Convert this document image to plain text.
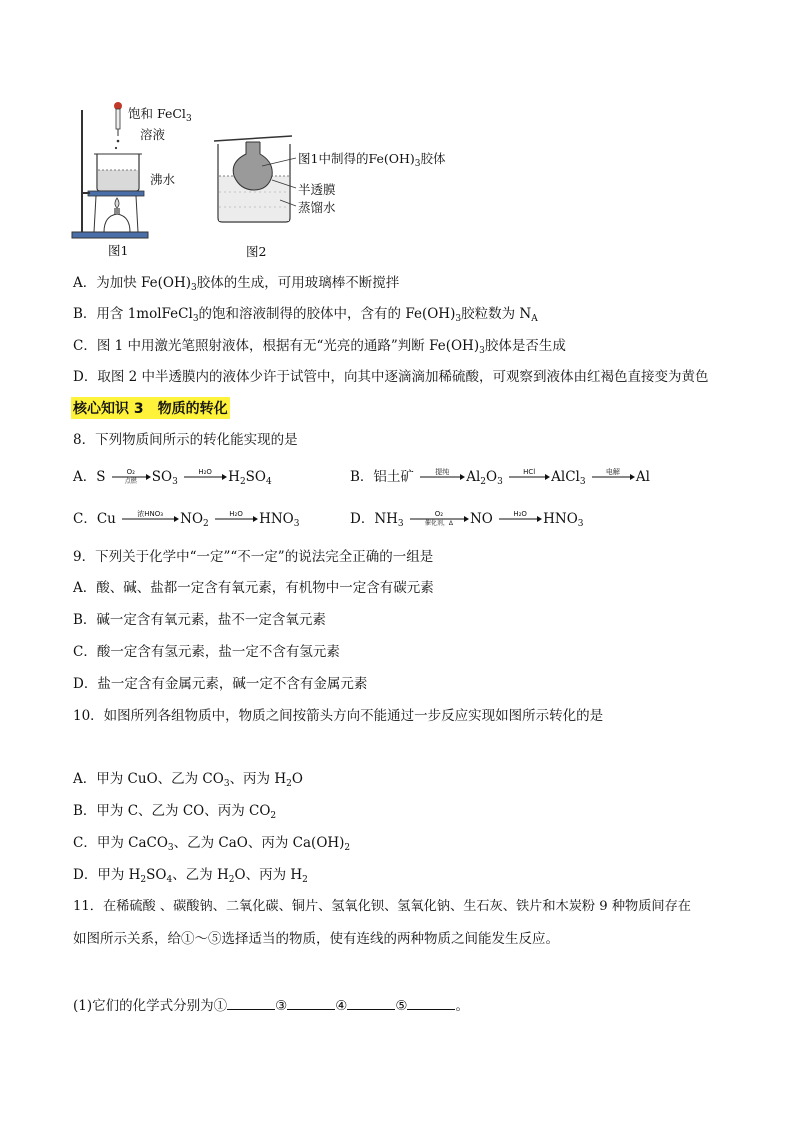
饱和 FeCl$_3$
溶液
沸水
图1
图1中制得的$Fe(OH)_3$胶体
半透膜
蒸馏水
图2
A．为加快 $Fe(OH)_3$胶体的生成，可用玻璃棒不断搅拌
B．用含 1molFeCl$_3$的饱和溶液制得的胶体中，含有的 $Fe(OH)_3$胶粒数为 $N_A$
C．图 1 中用激光笔照射液体，根据有无“光亮的通路”判断 $Fe(OH)_3$胶体是否生成
D．取图 2 中半透膜内的液体少许于试管中，向其中逐滴滴加稀硫酸，可观察到液体由红褐色直接变为黄色
核心知识 3　物质的转化
8．下列物质间所示的转化能实现的是
A．S	O₂
点燃	$SO_3$
H₂O	$H_2SO_4$	B．铝土矿	提纯	$Al_2O_3$
HCl	AlCl$_3$
电解	Al
C．Cu	浓HNO₃	$NO_2$
H₂O	$HNO_3$	D．$NH_3$
O₂
催化剂，Δ	NO	H₂O	$HNO_3$
9．下列关于化学中“一定”“不一定”的说法完全正确的一组是
A．酸、碱、盐都一定含有氧元素，有机物中一定含有碳元素
B．碱一定含有氧元素，盐不一定含氧元素
C．酸一定含有氢元素，盐一定不含有氢元素
D．盐一定含有金属元素，碱一定不含有金属元素
10．如图所列各组物质中，物质之间按箭头方向不能通过一步反应实现如图所示转化的是
A．甲为 CuO、乙为 $CO_3$、丙为 $H_2O$
B．甲为 C、乙为 CO、丙为 $CO_2$
C．甲为 CaCO$_3$、乙为 CaO、丙为 $Ca(OH)_2$
D．甲为 $H_2SO_4$、乙为 $H_2O$、丙为 $H_2$
11．在稀硫酸 、碳酸钠、二氧化碳、铜片、氢氧化钡、氢氧化钠、生石灰、铁片和木炭粉 9 种物质间存在
如图所示关系，给①～⑤选择适当的物质，使有连线的两种物质之间能发生反应。
(1)它们的化学式分别为①	③	④	⑤	。
